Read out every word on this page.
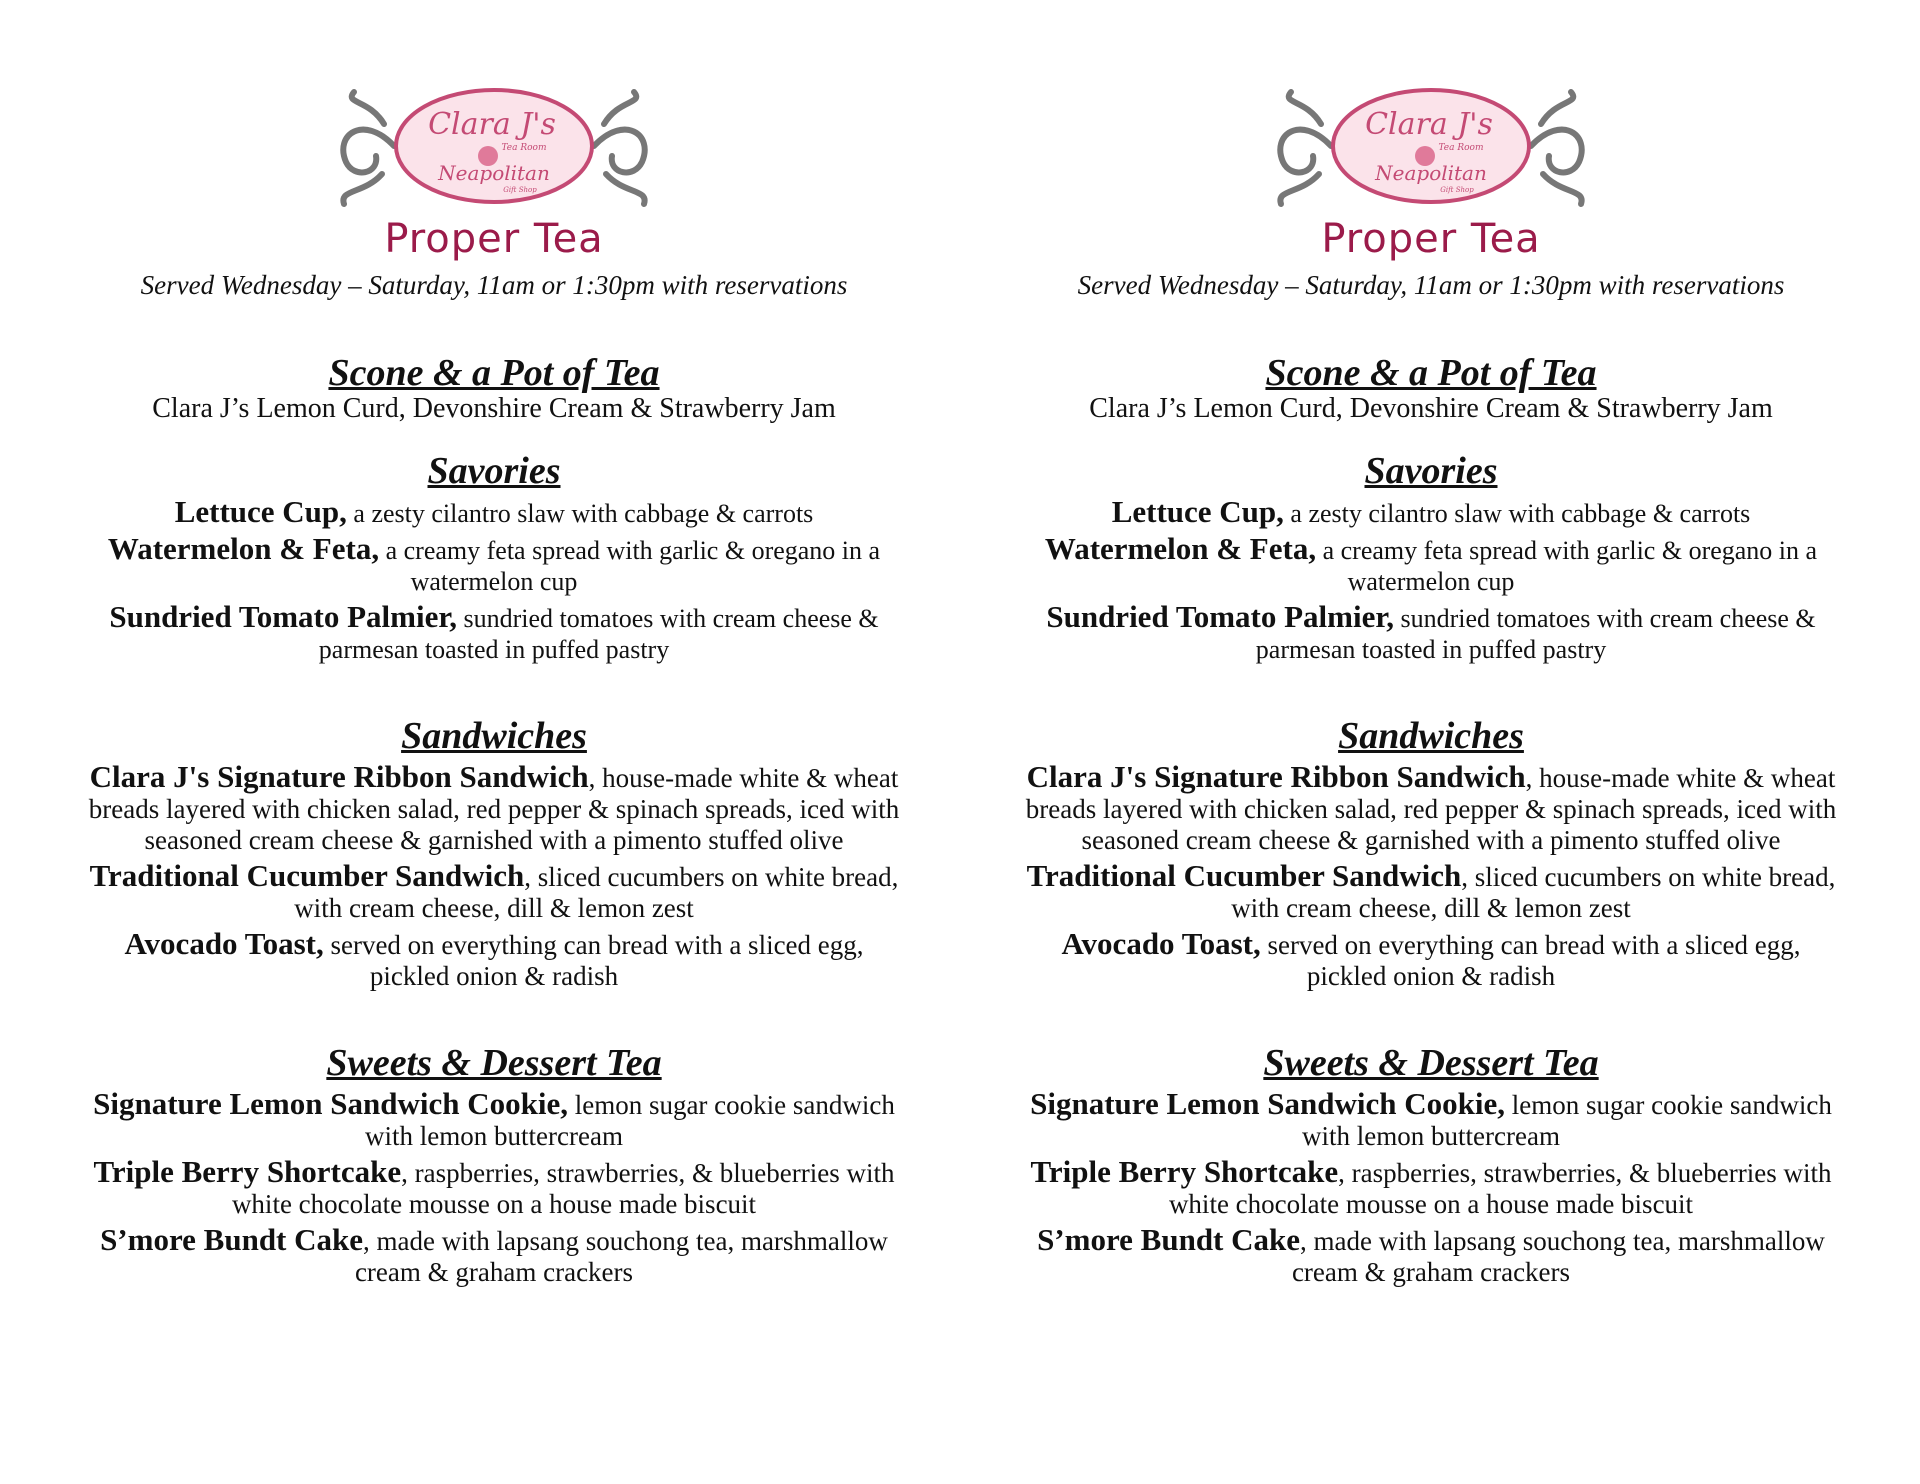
Clara J's
Tea Room
Neapolitan
Gift Shop
Proper Tea
Served Wednesday – Saturday, 11am or 1:30pm with reservations
Scone & a Pot of Tea
Clara J’s Lemon Curd, Devonshire Cream & Strawberry Jam
Savories
Lettuce Cup, a zesty cilantro slaw with cabbage & carrots
Watermelon & Feta, a creamy feta spread with garlic & oregano in a watermelon cup
Sundried Tomato Palmier, sundried tomatoes with cream cheese & parmesan toasted in puffed pastry
Sandwiches
Clara J's Signature Ribbon Sandwich, house-made white & wheat breads layered with chicken salad, red pepper & spinach spreads, iced with seasoned cream cheese & garnished with a pimento stuffed olive
Traditional Cucumber Sandwich, sliced cucumbers on white bread, with cream cheese, dill & lemon zest
Avocado Toast, served on everything can bread with a sliced egg, pickled onion & radish
Sweets & Dessert Tea
Signature Lemon Sandwich Cookie, lemon sugar cookie sandwich with lemon buttercream
Triple Berry Shortcake, raspberries, strawberries, & blueberries with white chocolate mousse on a house made biscuit
S’more Bundt Cake, made with lapsang souchong tea, marshmallow cream & graham crackers
Clara J's
Tea Room
Neapolitan
Gift Shop
Proper Tea
Served Wednesday – Saturday, 11am or 1:30pm with reservations
Scone & a Pot of Tea
Clara J’s Lemon Curd, Devonshire Cream & Strawberry Jam
Savories
Lettuce Cup, a zesty cilantro slaw with cabbage & carrots
Watermelon & Feta, a creamy feta spread with garlic & oregano in a watermelon cup
Sundried Tomato Palmier, sundried tomatoes with cream cheese & parmesan toasted in puffed pastry
Sandwiches
Clara J's Signature Ribbon Sandwich, house-made white & wheat breads layered with chicken salad, red pepper & spinach spreads, iced with seasoned cream cheese & garnished with a pimento stuffed olive
Traditional Cucumber Sandwich, sliced cucumbers on white bread, with cream cheese, dill & lemon zest
Avocado Toast, served on everything can bread with a sliced egg, pickled onion & radish
Sweets & Dessert Tea
Signature Lemon Sandwich Cookie, lemon sugar cookie sandwich with lemon buttercream
Triple Berry Shortcake, raspberries, strawberries, & blueberries with white chocolate mousse on a house made biscuit
S’more Bundt Cake, made with lapsang souchong tea, marshmallow cream & graham crackers
